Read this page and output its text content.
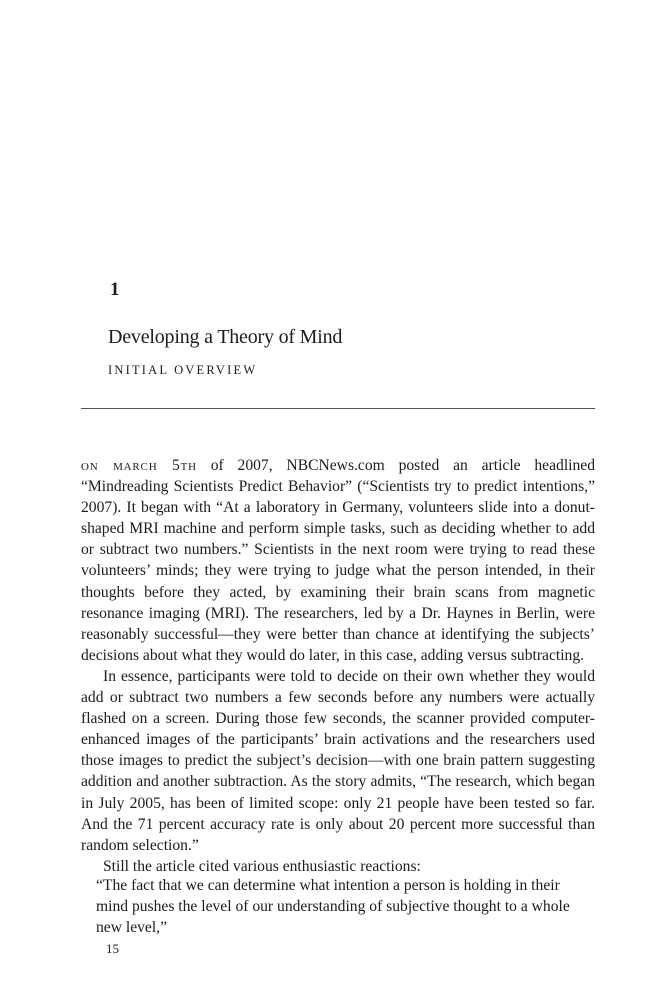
1
Developing a Theory of Mind
INITIAL OVERVIEW

on march 5th of 2007, NBCNews.com posted an article headlined “Mindreading Scientists Predict Behavior” (“Scientists try to predict intentions,” 2007). It began with “At a laboratory in Germany, volunteers slide into a donut-shaped MRI machine and perform simple tasks, such as deciding whether to add or subtract two numbers.” Scientists in the next room were trying to read these volunteers’ minds; they were trying to judge what the person intended, in their thoughts before they acted, by examining their brain scans from magnetic resonance imaging (MRI). The researchers, led by a Dr. Haynes in Berlin, were reasonably successful—they were better than chance at identifying the subjects’ decisions about what they would do later, in this case, adding versus subtracting.

In essence, participants were told to decide on their own whether they would add or subtract two numbers a few seconds before any numbers were actually flashed on a screen. During those few seconds, the scanner provided computer-enhanced images of the participants’ brain activations and the researchers used those images to predict the subject’s decision—with one brain pattern suggesting addition and another subtraction. As the story admits, “The research, which began in July 2005, has been of limited scope: only 21 people have been tested so far. And the 71 percent accuracy rate is only about 20 percent more successful than random selection.”

Still the article cited various enthusiastic reactions:

“The fact that we can determine what intention a person is holding in their mind pushes the level of our understanding of subjective thought to a whole new level,”

15
